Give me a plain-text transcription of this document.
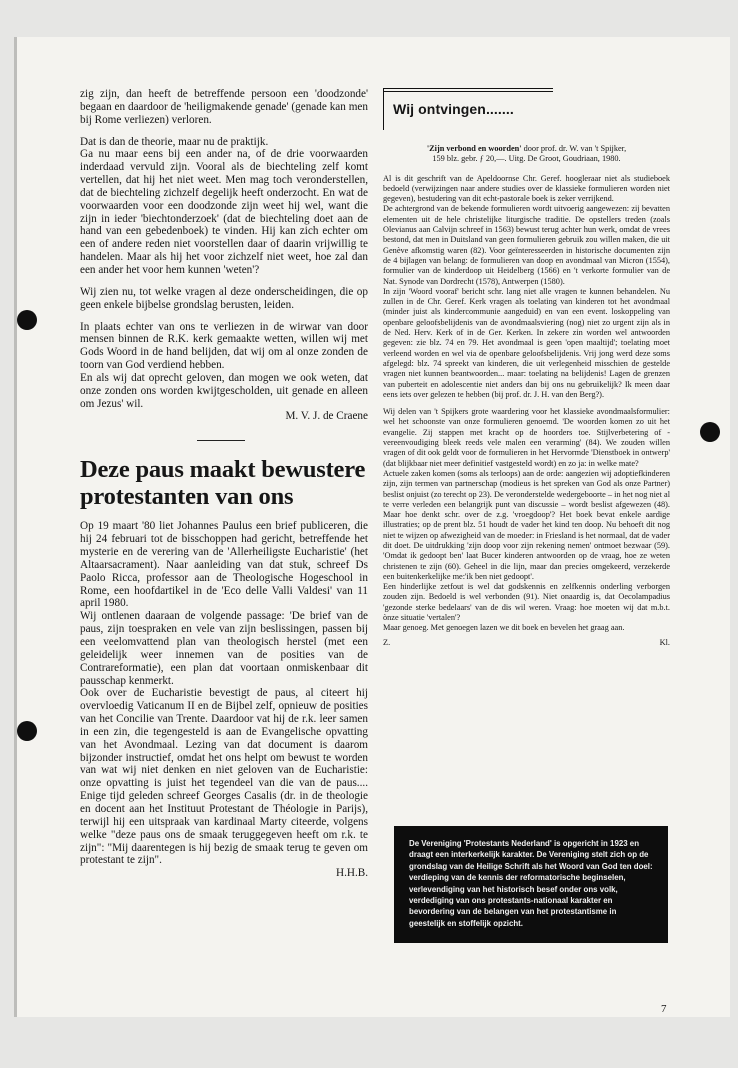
zig zijn, dan heeft de betreffende persoon een 'doodzonde' begaan en daardoor de 'heiligmakende genade' (genade kan men bij Rome verliezen) verloren.

Dat is dan de theorie, maar nu de praktijk.

Ga nu maar eens bij een ander na, of de drie voorwaarden inderdaad vervuld zijn. Vooral als de biechteling zelf komt vertellen, dat hij het niet weet. Men mag toch veronderstellen, dat de biechteling zichzelf degelijk heeft onderzocht. En wat de voorwaarden voor een doodzonde zijn weet hij wel, want die zijn in ieder 'biechtonderzoek' (dat de biechteling doet aan de hand van een gebedenboek) te vinden. Hij kan zich echter om een of andere reden niet voorstellen daar of daarin vrijwillig te handelen. Maar als hij het voor zichzelf niet weet, hoe zal dan een ander het voor hem kunnen 'weten'?

Wij zien nu, tot welke vragen al deze onderscheidingen, die op geen enkele bijbelse grondslag berusten, leiden.

In plaats echter van ons te verliezen in de wirwar van door mensen binnen de R.K. kerk gemaakte wetten, willen wij met Gods Woord in de hand belijden, dat wij om al onze zonden de toorn van God verdiend hebben.

En als wij dat oprecht geloven, dan mogen we ook weten, dat onze zonden ons worden kwijtgescholden, uit genade en alleen om Jezus' wil.

M. V. J. de Craene

Deze paus maakt bewustere protestanten van ons

Op 19 maart '80 liet Johannes Paulus een brief publiceren, die hij 24 februari tot de bisschoppen had gericht, betreffende het mysterie en de verering van de 'Allerheiligste Eucharistie' (het Altaarsacrament). Naar aanleiding van dat stuk, schreef Ds Paolo Ricca, professor aan de Theologische Hogeschool in Rome, een hoofdartikel in de 'Eco delle Valli Valdesi' van 11 april 1980.

Wij ontlenen daaraan de volgende passage: 'De brief van de paus, zijn toespraken en vele van zijn beslissingen, passen bij een veelomvattend plan van theologisch herstel (met een geleidelijk weer innemen van de posities van de Contrareformatie), een plan dat voortaan onmiskenbaar dit pausschap kenmerkt.

Ook over de Eucharistie bevestigt de paus, al citeert hij overvloedig Vaticanum II en de Bijbel zelf, opnieuw de posities van het Concilie van Trente. Daardoor vat hij de r.k. leer samen in een zin, die tegengesteld is aan de Evangelische opvatting van het Avondmaal. Lezing van dat document is daarom bijzonder instructief, omdat het ons helpt om bewust te worden van wat wij niet denken en niet geloven van de Eucharistie: onze opvatting is juist het tegendeel van die van de paus.... Enige tijd geleden schreef Georges Casalis (dr. in de theologie en docent aan het Instituut Protestant de Théologie in Parijs), terwijl hij een uitspraak van kardinaal Marty citeerde, volgens welke "deze paus ons de smaak teruggegeven heeft om r.k. te zijn": "Mij daarentegen is hij bezig de smaak terug te geven om protestant te zijn".

H.H.B.

Wij ontvingen.......

'Zijn verbond en woorden' door prof. dr. W. van 't Spijker,
159 blz. gebr. ƒ 20,—. Uitg. De Groot, Goudriaan, 1980.

Al is dit geschrift van de Apeldoornse Chr. Geref. hoogleraar niet als studieboek bedoeld (verwijzingen naar andere studies over de klassieke formulieren worden niet gegeven), bestudering van dit echt-pastorale boek is zeker verrijkend.

De achtergrond van de bekende formulieren wordt uitvoerig aangewezen: zij bevatten elementen uit de hele christelijke liturgische traditie. De opstellers treden (zoals Olevianus aan Calvijn schreef in 1563) bewust terug achter hun werk, omdat de vrees bestond, dat men in Duitsland van geen formulieren gebruik zou willen maken, die uit Genève afkomstig waren (82). Voor geïnteresseerden in historische documenten zijn de 4 bijlagen van belang: de formulieren van doop en avondmaal van Micron (1554), formulier van de kinderdoop uit Heidelberg (1566) en 't verkorte formulier van de Nat. Synode van Dordrecht (1578), Antwerpen (1580).

In zijn 'Woord vooraf' bericht schr. lang niet alle vragen te kunnen behandelen. Nu zullen in de Chr. Geref. Kerk vragen als toelating van kinderen tot het avondmaal (minder juist als kindercommunie aangeduid) en van een event. loskoppeling van openbare geloofsbelijdenis van de avondmaalsviering (nog) niet zo urgent zijn als in de Ned. Herv. Kerk of in de Ger. Kerken. In zekere zin worden wel antwoorden gegeven: zie blz. 74 en 79. Het avondmaal is geen 'open maaltijd'; toelating moet verleend worden en wel via de openbare geloofsbelijdenis. Vrij jong werd deze soms afgelegd: blz. 74 spreekt van kinderen, die uit verlegenheid misschien de gestelde vragen niet kunnen beantwoorden... maar: toelating na belijdenis! Lagen de grenzen van puberteit en adolescentie niet anders dan bij ons nu gebruikelijk? Ik meen daar eens iets over gelezen te hebben (bij prof. dr. J. H. van den Berg?).

Wij delen van 't Spijkers grote waardering voor het klassieke avondmaalsformulier: wel het schoonste van onze formulieren genoemd. 'De woorden komen zo uit het evangelie. Zij stappen met kracht op de hoorders toe. Stijlverbetering of -vereenvoudiging bleek reeds vele malen een verarming' (84). We zouden willen vragen of dit ook geldt voor de formulieren in het Hervormde 'Dienstboek in ontwerp' (dat blijkbaar niet meer definitief vastgesteld wordt) en zo ja: in welke mate?

Actuele zaken komen (soms als terloops) aan de orde: aangezien wij adoptiefkinderen zijn, zijn termen van partnerschap (modieus is het spreken van God als onze Partner) beslist onjuist (zo terecht op 23). De veronderstelde wedergeboorte – in het nog niet al te verre verleden een belangrijk punt van discussie – wordt beslist afgewezen (48). Maar hoe denkt schr. over de z.g. 'vroegdoop'? Het boek bevat enkele aardige illustraties; op de prent blz. 51 houdt de vader het kind ten doop. Nu behoeft dit nog niet te wijzen op afwezigheid van de moeder: in Friesland is het normaal, dat de vader dit doet. De uitdrukking 'zijn doop voor zijn rekening nemen' ontmoet bezwaar (59). 'Omdat ik gedoopt ben' laat Bucer kinderen antwoorden op de vraag, hoe ze weten christenen te zijn (60). Geheel in die lijn, maar dan precies omgekeerd, verzekerde een buitenkerkelijke me:'ik ben niet gedoopt'.

Een hinderlijke zetfout is wel dat godskennis en zelfkennis onderling verborgen zouden zijn. Bedoeld is wel verbonden (91). Niet onaardig is, dat Oecolampadius 'gezonde sterke bedelaars' van de dis wil weren. Vraag: hoe moeten wij dat m.b.t. ònze situatie 'vertalen'?

Maar genoeg. Met genoegen lazen we dit boek en bevelen het graag aan.

Z.	Kl.
De Vereniging 'Protestants Nederland' is opgericht in 1923 en draagt een interkerkelijk karakter. De Vereniging stelt zich op de grondslag van de Heilige Schrift als het Woord van God ten doel: verdieping van de kennis der reformatorische beginselen, verlevendiging van het historisch besef onder ons volk, verdediging van ons protestants-nationaal karakter en bevordering van de belangen van het protestantisme in geestelijk en stoffelijk opzicht.
7
